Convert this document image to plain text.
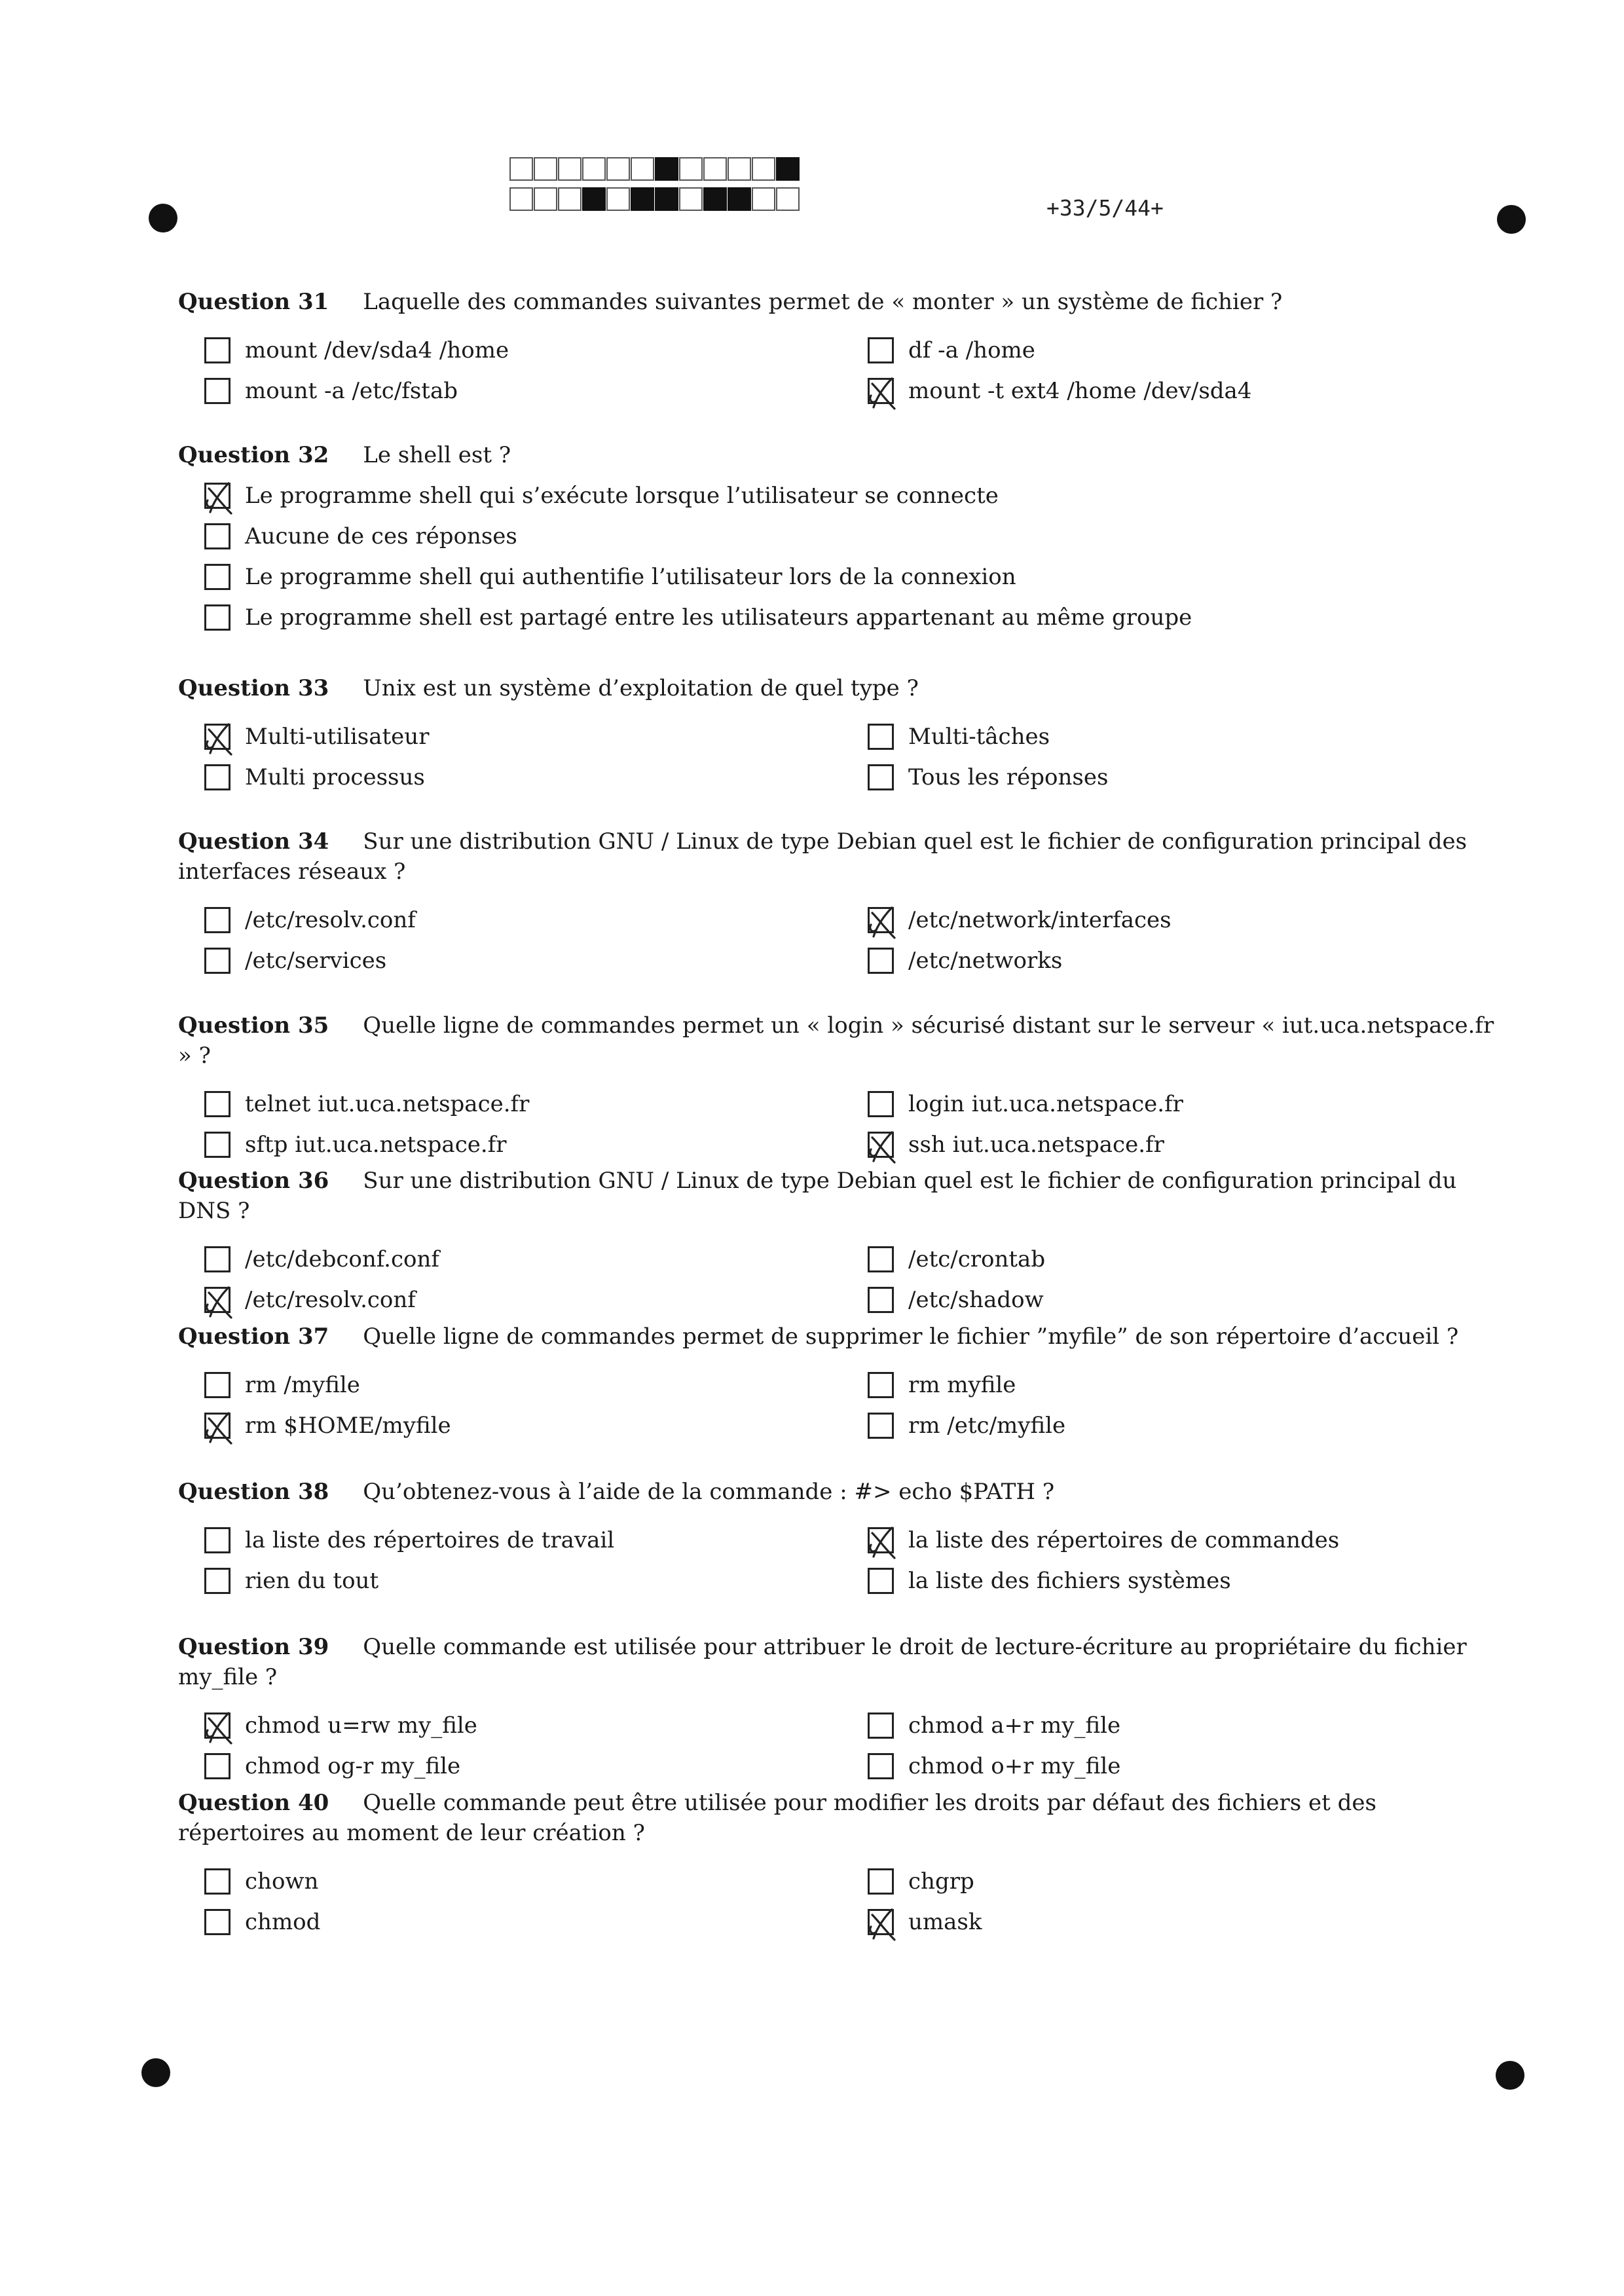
+33/5/44+

Question 31 Laquelle des commandes suivantes permet de « monter » un système de fichier ?

mount /dev/sda4 /home	df -a /home
mount -a /etc/fstab	mount -t ext4 /home /dev/sda4

Question 32 Le shell est ?

Le programme shell qui s’exécute lorsque l’utilisateur se connecte
Aucune de ces réponses
Le programme shell qui authentifie l’utilisateur lors de la connexion
Le programme shell est partagé entre les utilisateurs appartenant au même groupe

Question 33 Unix est un système d’exploitation de quel type ?

Multi-utilisateur	Multi-tâches
Multi processus	Tous les réponses

Question 34 Sur une distribution GNU / Linux de type Debian quel est le fichier de configuration principal des interfaces réseaux ?

/etc/resolv.conf	/etc/network/interfaces
/etc/services	/etc/networks

Question 35 Quelle ligne de commandes permet un « login » sécurisé distant sur le serveur « iut.uca.netspace.fr » ?

telnet iut.uca.netspace.fr	login iut.uca.netspace.fr
sftp iut.uca.netspace.fr	ssh iut.uca.netspace.fr

Question 36 Sur une distribution GNU / Linux de type Debian quel est le fichier de configuration principal du DNS ?

/etc/debconf.conf	/etc/crontab
/etc/resolv.conf	/etc/shadow

Question 37 Quelle ligne de commandes permet de supprimer le fichier ”myfile” de son répertoire d’accueil ?

rm /myfile	rm myfile
rm $HOME/myfile	rm /etc/myfile

Question 38 Qu’obtenez-vous à l’aide de la commande : #> echo $PATH ?

la liste des répertoires de travail	la liste des répertoires de commandes
rien du tout	la liste des fichiers systèmes

Question 39 Quelle commande est utilisée pour attribuer le droit de lecture-écriture au propriétaire du fichier my_file ?

chmod u=rw my_file	chmod a+r my_file
chmod og-r my_file	chmod o+r my_file

Question 40 Quelle commande peut être utilisée pour modifier les droits par défaut des fichiers et des répertoires au moment de leur création ?

chown	chgrp
chmod	umask
